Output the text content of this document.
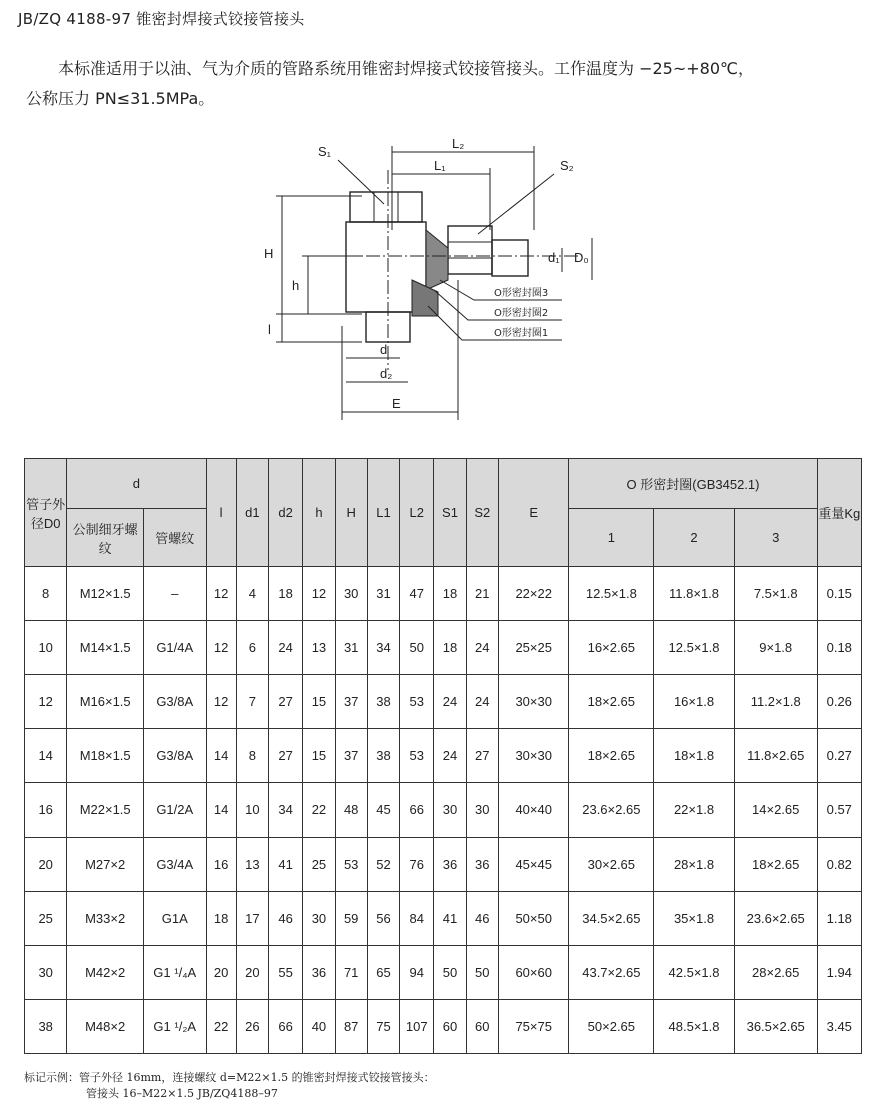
JB/ZQ 4188-97 锥密封焊接式铰接管接头
本标准适用于以油、气为介质的管路系统用锥密封焊接式铰接管接头。工作温度为 −25~+80℃，
公称压力 PN≤31.5MPa。
S₁
L₂
L₁	S₂
H
h
l
d₁ D₀
d
d₂
E
O形密封圈3
O形密封圈2
O形密封圈1
管子外径D0	d		l	d1	d2	h	H	L1	L2	S1	S2	E	O 形密封圈(GB3452.1)			重量Kg
	公制细牙螺纹	管螺纹											1	2	3	
8	M12×1.5	–	12	4	18	12	30	31	47	18	21	22×22	12.5×1.8	11.8×1.8	7.5×1.8	0.15
10	M14×1.5	G1/4A	12	6	24	13	31	34	50	18	24	25×25	16×2.65	12.5×1.8	9×1.8	0.18
12	M16×1.5	G3/8A	12	7	27	15	37	38	53	24	24	30×30	18×2.65	16×1.8	11.2×1.8	0.26
14	M18×1.5	G3/8A	14	8	27	15	37	38	53	24	27	30×30	18×2.65	18×1.8	11.8×2.65	0.27
16	M22×1.5	G1/2A	14	10	34	22	48	45	66	30	30	40×40	23.6×2.65	22×1.8	14×2.65	0.57
20	M27×2	G3/4A	16	13	41	25	53	52	76	36	36	45×45	30×2.65	28×1.8	18×2.65	0.82
25	M33×2	G1A	18	17	46	30	59	56	84	41	46	50×50	34.5×2.65	35×1.8	23.6×2.65	1.18
30	M42×2	G1 ¹/₄A	20	20	55	36	71	65	94	50	50	60×60	43.7×2.65	42.5×1.8	28×2.65	1.94
38	M48×2	G1 ¹/₂A	22	26	66	40	87	75	107	60	60	75×75	50×2.65	48.5×1.8	36.5×2.65	3.45
标记示例：管子外径 16mm，连接螺纹 d=M22×1.5 的锥密封焊接式铰接管接头：
管接头 16–M22×1.5 JB/ZQ4188–97
